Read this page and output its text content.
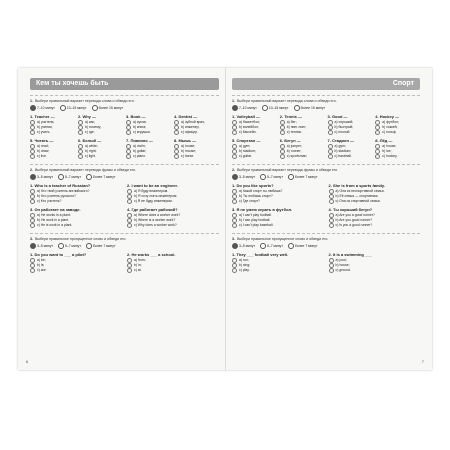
Кем ты хочешь быть
1. Выбери правильный вариант перевода слова и обведи его.
7–10 минут	10–15 минут	более 15 минут
1. Teacher —
a) учитель;
b) ученик;
c) учить.
2. Why —
a) как;
b) почему;
c) где.
3. Book —
a) кукла;
b) книга;
c) игрушка.
4. Dentist —
a) зубной врач;
b) инженер;
c) офицер.
5. Читать —
a) read;
b) draw;
c) live.
6. Белый —
a) white;
b) right;
c) light.
7. Пианино —
a) violin;
b) guitar;
c) piano.
8. Мышь —
a) house;
b) mouse;
c) horse.
2. Выбери правильный вариант перевода фразы и обведи его.
3–5 минут	5–7 минут	более 7 минут
1. Who is a teacher of Russian?
a) Кто твой учитель английского?
b) Кто учитель русского?
c) Кто учитель?
2. I want to be an engineer.
a) Я буду инженером.
b) Я хочу стать инженером.
c) Я не буду инженером.
3. Он работает на заводе.
a) He works in a plant.
b) He work in a plant.
c) He is work in a plant.
4. Где работает рабочий?
a) Where does a worker work?
b) Where is a worker work?
c) Why does a worker work?
3. Выбери правильное пропущенное слово и обведи его.
3–5 минут	5–7 минут	более 7 минут
1. Do you want to ___ a pilot?
a) be;
b) is;
c) are.
2. He works ___ a school.
a) from;
b) in;
c) at.
6
Спорт
1. Выбери правильный вариант перевода слова и обведи его.
7–10 минут	10–15 минут	более 15 минут
1. Volleyball —
a) баскетбол;
b) волейбол;
c) бассейн.
2. Tennis —
a) бег;
b) пинг-понг;
c) теннис.
3. Good —
a) хороший;
b) быстрый;
c) плохой.
4. Hockey —
a) футбол;
b) хоккей;
c) гольф.
5. Спортзал —
a) gym;
b) stadium;
c) guitar.
6. Бегун —
a) jumper;
b) runner;
c) sportsman.
7. Стадион —
a) gym;
b) stadium;
c) baseball.
8. Лёд —
a) house;
b) ice;
c) hockey.
2. Выбери правильный вариант перевода фразы и обведи его.
3–5 минут	5–7 минут	более 7 минут
1. Do you like sports?
a) Какой спорт ты любишь?
b) Ты любишь спорт?
c) Где спорт?
2. She is from a sports family.
a) Она из неспортивной семьи.
b) Её семья — спортивная.
c) Она из спортивной семьи.
3. Я не умею играть в футбол.
a) I can't play football.
b) I can play football.
c) I can't play baseball.
4. Ты хороший бегун?
a) Are you a good runner?
b) Are you good runner?
c) Is you a good runner?
3. Выбери правильное пропущенное слово и обведи его.
3–5 минут	5–7 минут	более 7 минут
1. They ___ football very well.
a) run;
b) sing;
c) play.
2. It is a swimming ___
a) pool;
b) house;
c) ground.
7
